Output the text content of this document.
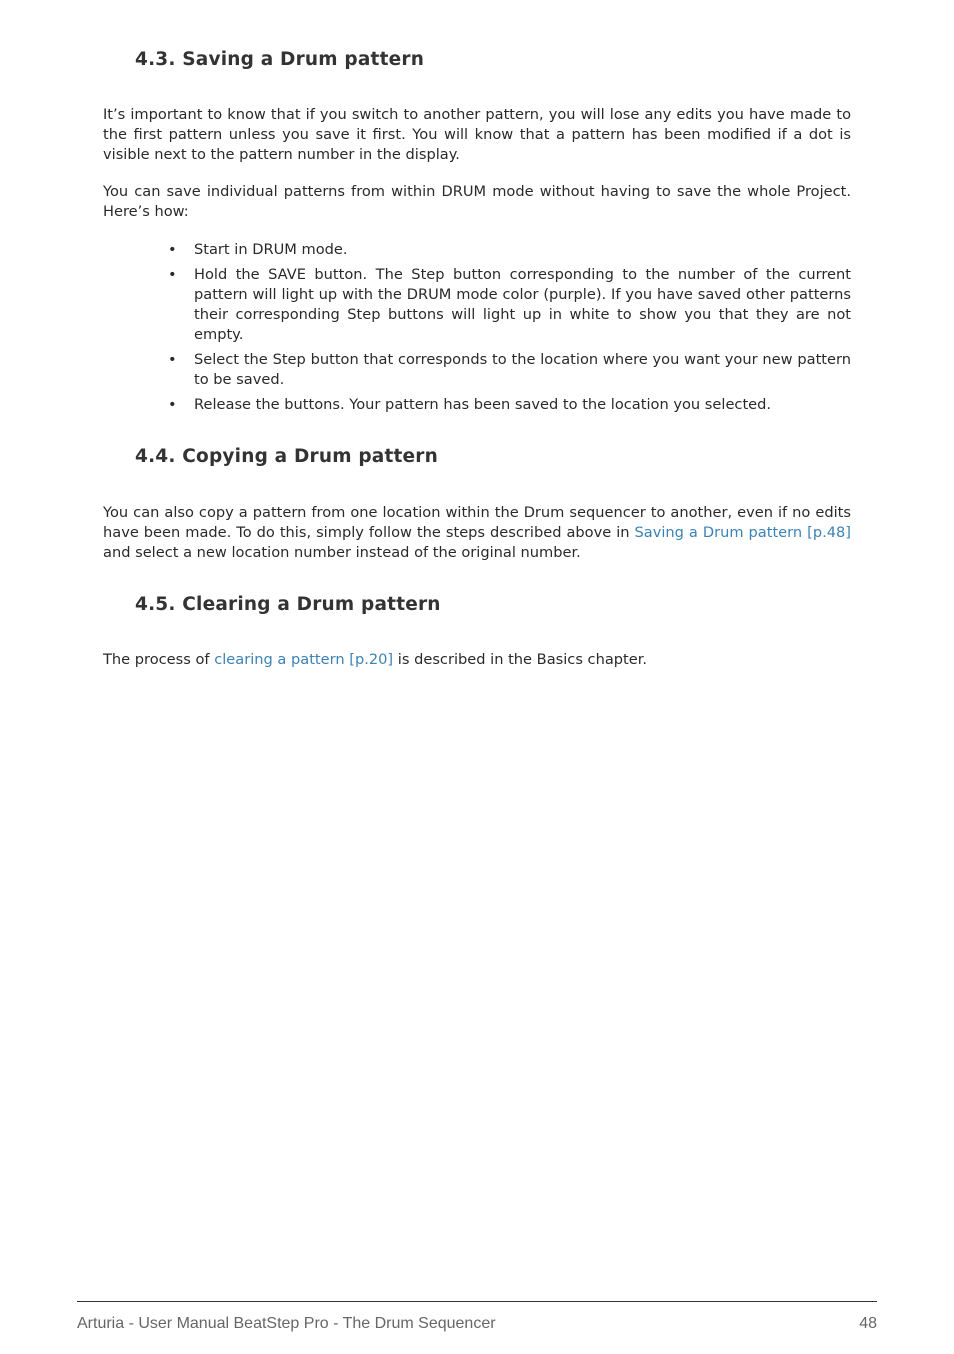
4.3. Saving a Drum pattern

It’s important to know that if you switch to another pattern, you will lose any edits you have made to the first pattern unless you save it first. You will know that a pattern has been modified if a dot is visible next to the pattern number in the display.

You can save individual patterns from within DRUM mode without having to save the whole Project. Here’s how:

• Start in DRUM mode.
• Hold the SAVE button. The Step button corresponding to the number of the current pattern will light up with the DRUM mode color (purple). If you have saved other patterns their corresponding Step buttons will light up in white to show you that they are not empty.
• Select the Step button that corresponds to the location where you want your new pattern to be saved.
• Release the buttons. Your pattern has been saved to the location you selected.
4.4. Copying a Drum pattern

You can also copy a pattern from one location within the Drum sequencer to another, even if no edits have been made. To do this, simply follow the steps described above in Saving a Drum pattern [p.48] and select a new location number instead of the original number.

4.5. Clearing a Drum pattern

The process of clearing a pattern [p.20] is described in the Basics chapter.

Arturia - User Manual BeatStep Pro - The Drum Sequencer	48
